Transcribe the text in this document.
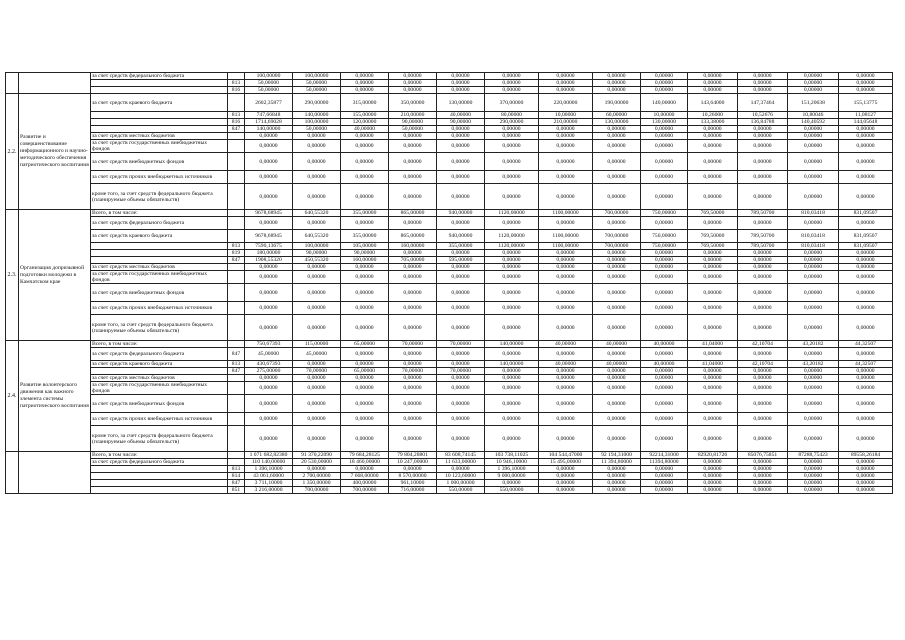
		за счет средств федерального бюджета		100,00000	100,00000	0,00000	0,00000	0,00000	0,00000	0,00000	0,00000	0,00000	0,00000	0,00000	0,00000	0,00000
			813	50,00000	50,00000	0,00000	0,00000	0,00000	0,00000	0,00000	0,00000	0,00000	0,00000	0,00000	0,00000	0,00000
			816	50,00000	50,00000	0,00000	0,00000	0,00000	0,00000	0,00000	0,00000	0,00000	0,00000	0,00000	0,00000	0,00000
2.2.	Развитие и совершенствование информационного и научно-методического обеспечения патриотического воспитания	за счет средств краевого бюджета		2602,35877	290,00000	315,00000	350,00000	130,00000	370,00000	220,00000	190,00000	140,00000	143,64000	147,37464	151,20638	155,13775
			813	747,66848	140,00000	155,00000	210,00000	40,00000	80,00000	10,00000	60,00000	10,00000	10,26000	10,52676	10,80046	11,08127
			816	1714,69028	100,00000	120,00000	90,00000	90,00000	290,00000	210,00000	130,00000	130,00000	133,38000	136,84788	140,40592	144,05648
			847	140,00000	50,00000	40,00000	50,00000	0,00000	0,00000	0,00000	0,00000	0,00000	0,00000	0,00000	0,00000	0,00000
		за счет средств местных бюджетов		0,00000	0,00000	0,00000	0,00000	0,00000	0,00000	0,00000	0,00000	0,00000	0,00000	0,00000	0,00000	0,00000
		за счет средств государственных внебюджетных фондов		0,00000	0,00000	0,00000	0,00000	0,00000	0,00000	0,00000	0,00000	0,00000	0,00000	0,00000	0,00000	0,00000
		за счет средств внебюджетных фондов		0,00000	0,00000	0,00000	0,00000	0,00000	0,00000	0,00000	0,00000	0,00000	0,00000	0,00000	0,00000	0,00000
		за счет средств прочих внебюджетных источников		0,00000	0,00000	0,00000	0,00000	0,00000	0,00000	0,00000	0,00000	0,00000	0,00000	0,00000	0,00000	0,00000
		кроме того, за счет средств федерального бюджета (планируемые объемы обязательств)		0,00000	0,00000	0,00000	0,00000	0,00000	0,00000	0,00000	0,00000	0,00000	0,00000	0,00000	0,00000	0,00000
2.3.	Организация допризывной подготовки молодежи в Камчатском крае	Всего, в том числе:		9678,68945	640,55320	355,00000	865,00000	940,00000	1120,00000	1100,00000	700,00000	750,00000	769,50000	789,50700	810,03418	831,09507
		за счет средств федерального бюджета		0,00000	0,00000	0,00000	0,00000	0,00000	0,00000	0,00000	0,00000	0,00000	0,00000	0,00000	0,00000	0,00000
		за счет средств краевого бюджета		9678,68945	640,55320	355,00000	865,00000	940,00000	1120,00000	1100,00000	700,00000	750,00000	769,50000	789,50700	810,03418	831,09507
			813	7590,13675	100,00000	105,00000	160,00000	355,00000	1120,00000	1100,00000	700,00000	750,00000	769,50000	789,50700	810,03418	831,09507
			819	180,00000	90,00000	90,00000	0,00000	0,00000	0,00000	0,00000	0,00000	0,00000	0,00000	0,00000	0,00000	0,00000
			847	1908,55320	450,55320	160,00000	705,00000	595,00000	0,00000	0,00000	0,00000	0,00000	0,00000	0,00000	0,00000	0,00000
		за счет средств местных бюджетов		0,00000	0,00000	0,00000	0,00000	0,00000	0,00000	0,00000	0,00000	0,00000	0,00000	0,00000	0,00000	0,00000
		за счет средств государственных внебюджетных фондов		0,00000	0,00000	0,00000	0,00000	0,00000	0,00000	0,00000	0,00000	0,00000	0,00000	0,00000	0,00000	0,00000
		за счет средств внебюджетных фондов		0,00000	0,00000	0,00000	0,00000	0,00000	0,00000	0,00000	0,00000	0,00000	0,00000	0,00000	0,00000	0,00000
		за счет средств прочих внебюджетных источников		0,00000	0,00000	0,00000	0,00000	0,00000	0,00000	0,00000	0,00000	0,00000	0,00000	0,00000	0,00000	0,00000
		кроме того, за счет средств федерального бюджета (планируемые объемы обязательств)		0,00000	0,00000	0,00000	0,00000	0,00000	0,00000	0,00000	0,00000	0,00000	0,00000	0,00000	0,00000	0,00000
2.4.	Развитие волонтерского движения как важного элемента системы патриотического воспитания	Всего, в том числе:		750,67393	115,00000	65,00000	70,00000	70,00000	140,00000	40,00000	40,00000	40,00000	41,04000	42,10704	43,20182	44,32507
		за счет средств федерального бюджета	847	45,00000	45,00000	0,00000	0,00000	0,00000	0,00000	0,00000	0,00000	0,00000	0,00000	0,00000	0,00000	0,00000
		за счет средств краевого бюджета	813	430,67393	0,00000	0,00000	0,00000	0,00000	140,00000	40,00000	40,00000	40,00000	41,04000	42,10704	43,20182	44,32507
			847	275,00000	70,00000	65,00000	70,00000	70,00000	0,00000	0,00000	0,00000	0,00000	0,00000	0,00000	0,00000	0,00000
		за счет средств местных бюджетов		0,00000	0,00000	0,00000	0,00000	0,00000	0,00000	0,00000	0,00000	0,00000	0,00000	0,00000	0,00000	0,00000
		за счет средств государственных внебюджетных фондов		0,00000	0,00000	0,00000	0,00000	0,00000	0,00000	0,00000	0,00000	0,00000	0,00000	0,00000	0,00000	0,00000
		за счет средств внебюджетных фондов		0,00000	0,00000	0,00000	0,00000	0,00000	0,00000	0,00000	0,00000	0,00000	0,00000	0,00000	0,00000	0,00000
		за счет средств прочих внебюджетных источников		0,00000	0,00000	0,00000	0,00000	0,00000	0,00000	0,00000	0,00000	0,00000	0,00000	0,00000	0,00000	0,00000
		кроме того, за счет средств федерального бюджета (планируемые объемы обязательств)		0,00000	0,00000	0,00000	0,00000	0,00000	0,00000	0,00000	0,00000	0,00000	0,00000	0,00000	0,00000	0,00000
		Всего, в том числе:		1 071 682,82380	91 370,22090	79 684,28125	79 804,28801	83 608,74145	103 738,11025	104 544,47000	92 194,31000	92214,31000	82920,81726	85076,75851	87288,75423	89558,26184
		за счет средств федерального бюджета		110 140,00000	20 530,00000	18 460,00000	10 247,00000	11 633,00000	10 946,10000	15 495,00000	11 394,80000	11394,80000	0,00000	0,00000	0,00000	0,00000
			813	1 396,10000	0,00000	0,00000	0,00000	0,00000	1 396,10000	0,00000	0,00000	0,00000	0,00000	0,00000	0,00000	0,00000
			814	43 061,60000	2 700,00000	7 668,00000	8 570,00000	10 123,60000	9 000,00000	0,00000	0,00000	0,00000	0,00000	0,00000	0,00000	0,00000
			847	3 711,10000	1 350,00000	400,00000	961,10000	1 000,00000	0,00000	0,00000	0,00000	0,00000	0,00000	0,00000	0,00000	0,00000
			851	3 216,00000	700,00000	700,00000	716,00000	550,00000	550,00000	0,00000	0,00000	0,00000	0,00000	0,00000	0,00000	0,00000
